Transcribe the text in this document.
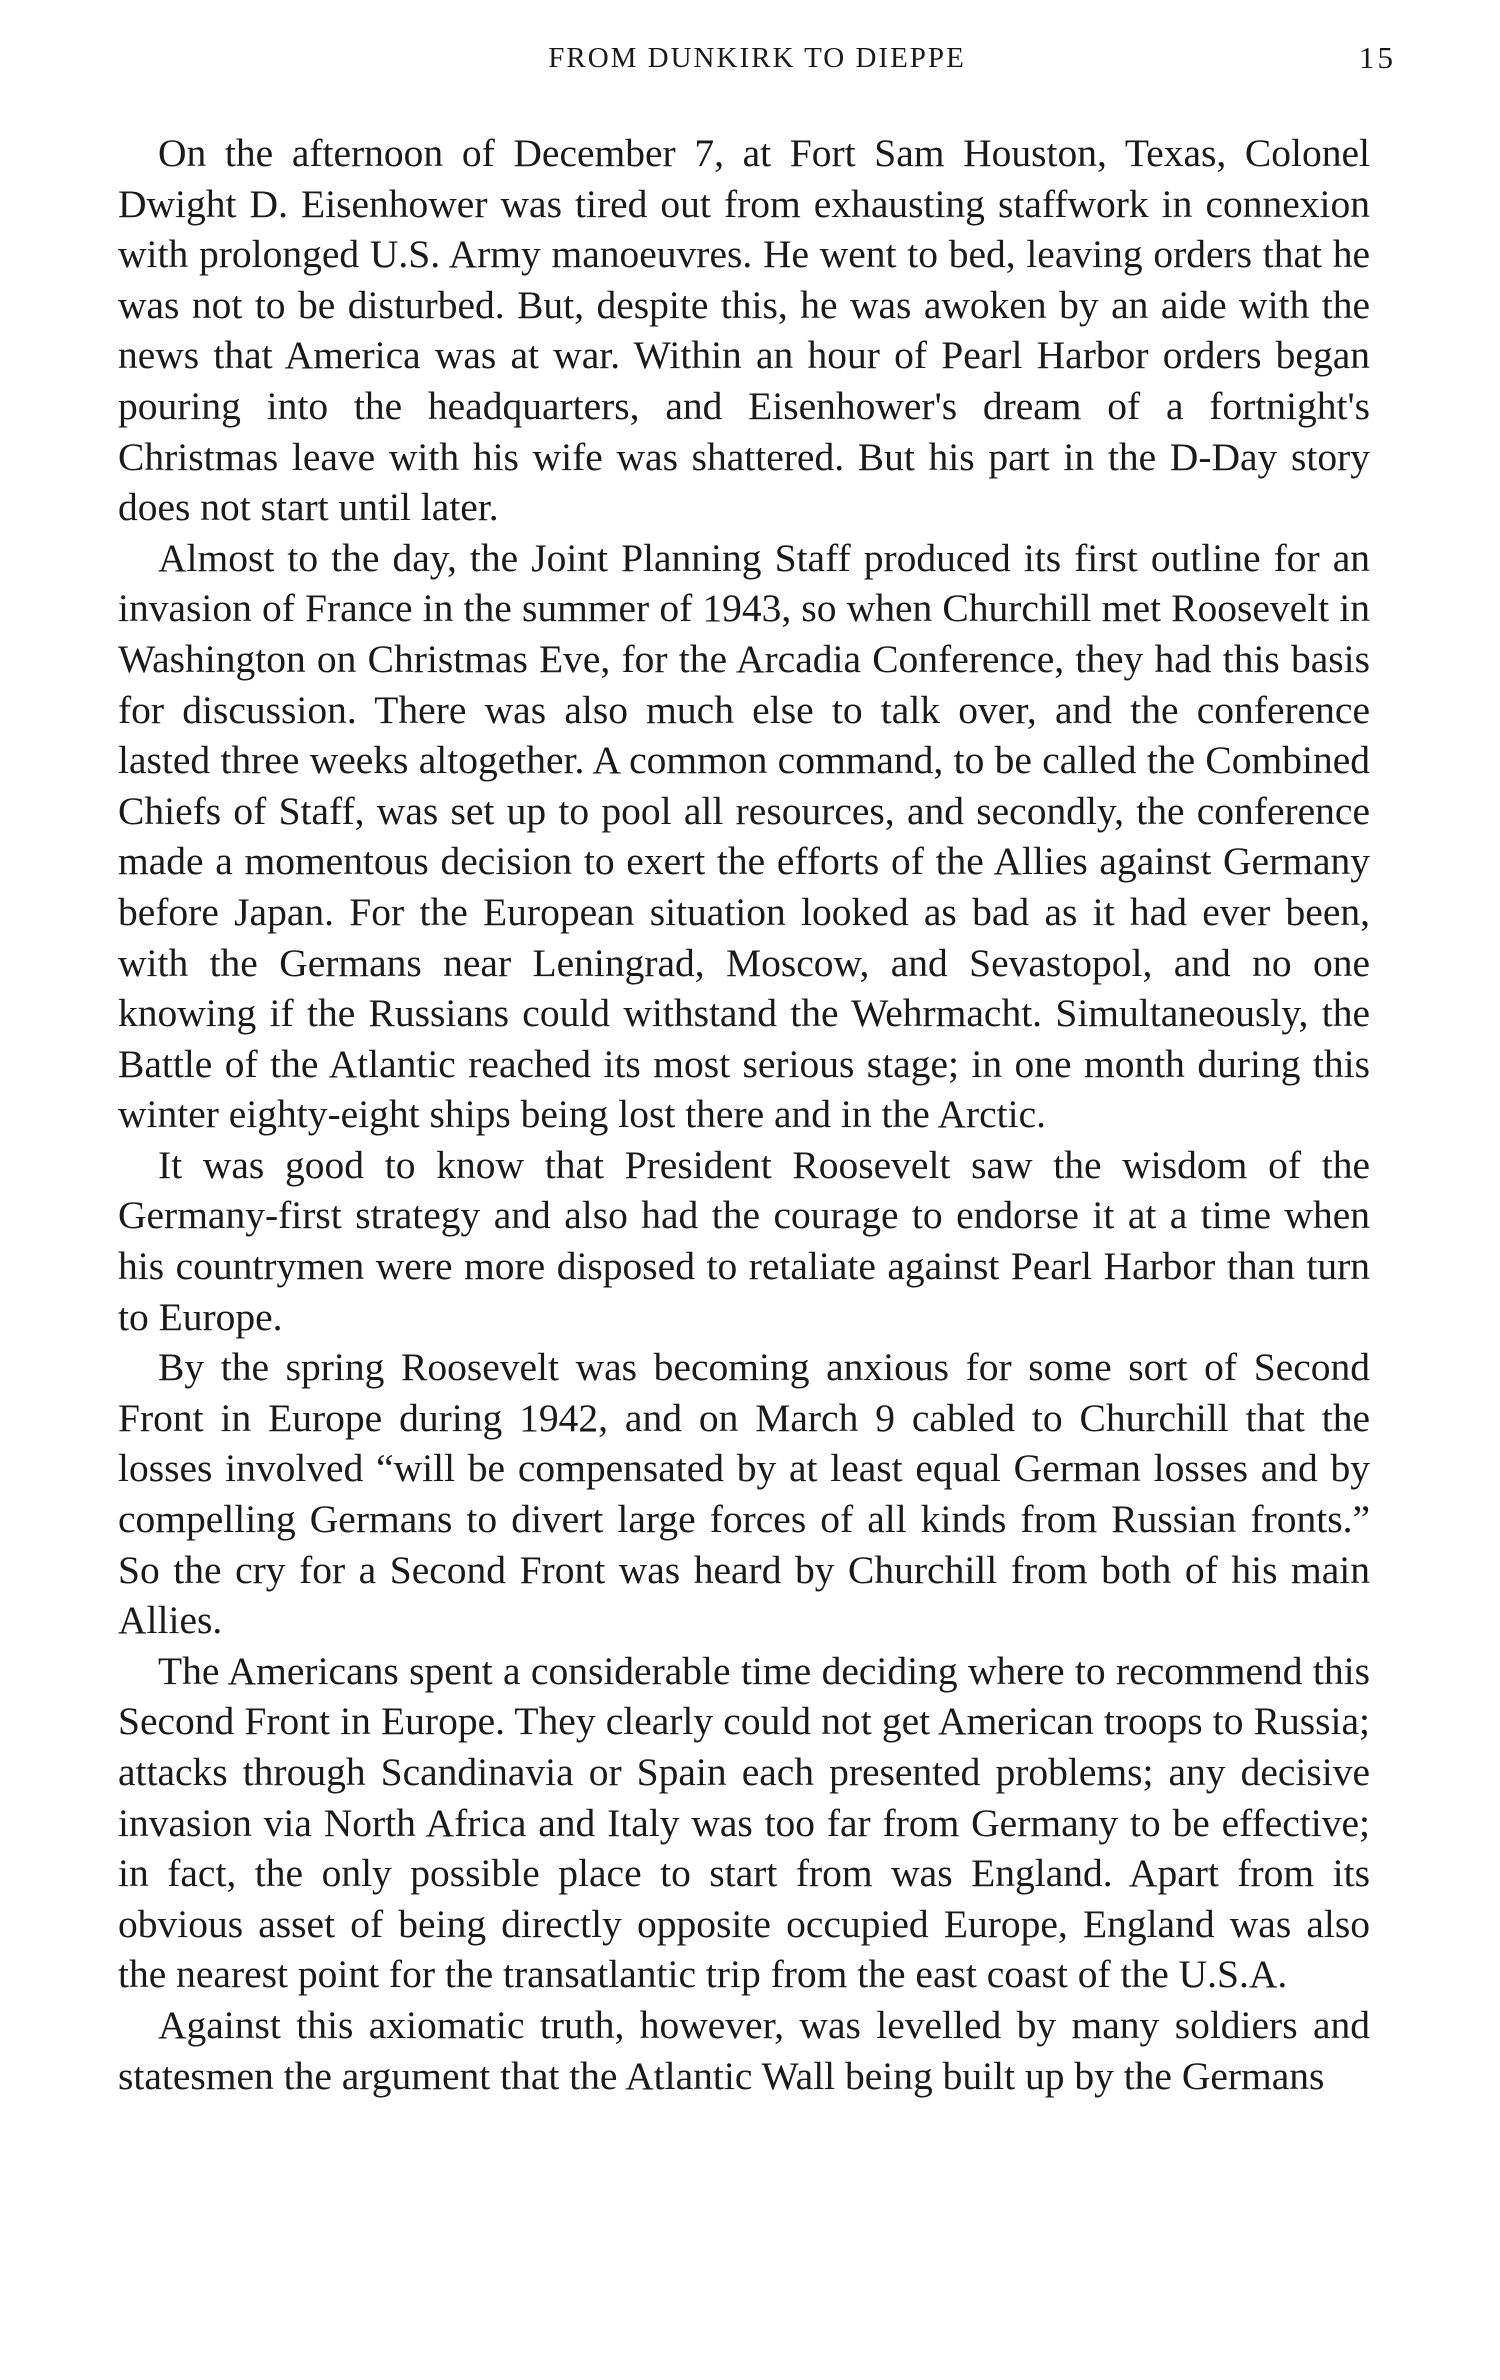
FROM DUNKIRK TO DIEPPE	15

On the afternoon of December 7, at Fort Sam Houston, Texas, Colonel Dwight D. Eisenhower was tired out from exhausting staffwork in connexion with prolonged U.S. Army manoeuvres. He went to bed, leaving orders that he was not to be disturbed. But, despite this, he was awoken by an aide with the news that America was at war. Within an hour of Pearl Harbor orders began pouring into the headquarters, and Eisenhower's dream of a fortnight's Christmas leave with his wife was shattered. But his part in the D-Day story does not start until later.

Almost to the day, the Joint Planning Staff produced its first outline for an invasion of France in the summer of 1943, so when Churchill met Roosevelt in Washington on Christmas Eve, for the Arcadia Conference, they had this basis for discussion. There was also much else to talk over, and the conference lasted three weeks altogether. A common command, to be called the Combined Chiefs of Staff, was set up to pool all resources, and secondly, the conference made a momentous decision to exert the efforts of the Allies against Germany before Japan. For the European situation looked as bad as it had ever been, with the Germans near Leningrad, Moscow, and Sevastopol, and no one knowing if the Russians could withstand the Wehrmacht. Simultaneously, the Battle of the Atlantic reached its most serious stage; in one month during this winter eighty-eight ships being lost there and in the Arctic.

It was good to know that President Roosevelt saw the wisdom of the Germany-first strategy and also had the courage to endorse it at a time when his countrymen were more disposed to retaliate against Pearl Harbor than turn to Europe.

By the spring Roosevelt was becoming anxious for some sort of Second Front in Europe during 1942, and on March 9 cabled to Churchill that the losses involved “will be compensated by at least equal German losses and by compelling Germans to divert large forces of all kinds from Russian fronts.” So the cry for a Second Front was heard by Churchill from both of his main Allies.

The Americans spent a considerable time deciding where to recommend this Second Front in Europe. They clearly could not get American troops to Russia; attacks through Scandinavia or Spain each presented problems; any decisive invasion via North Africa and Italy was too far from Germany to be effective; in fact, the only possible place to start from was England. Apart from its obvious asset of being directly opposite occupied Europe, England was also the nearest point for the transatlantic trip from the east coast of the U.S.A.

Against this axiomatic truth, however, was levelled by many soldiers and statesmen the argument that the Atlantic Wall being built up by the Germans
